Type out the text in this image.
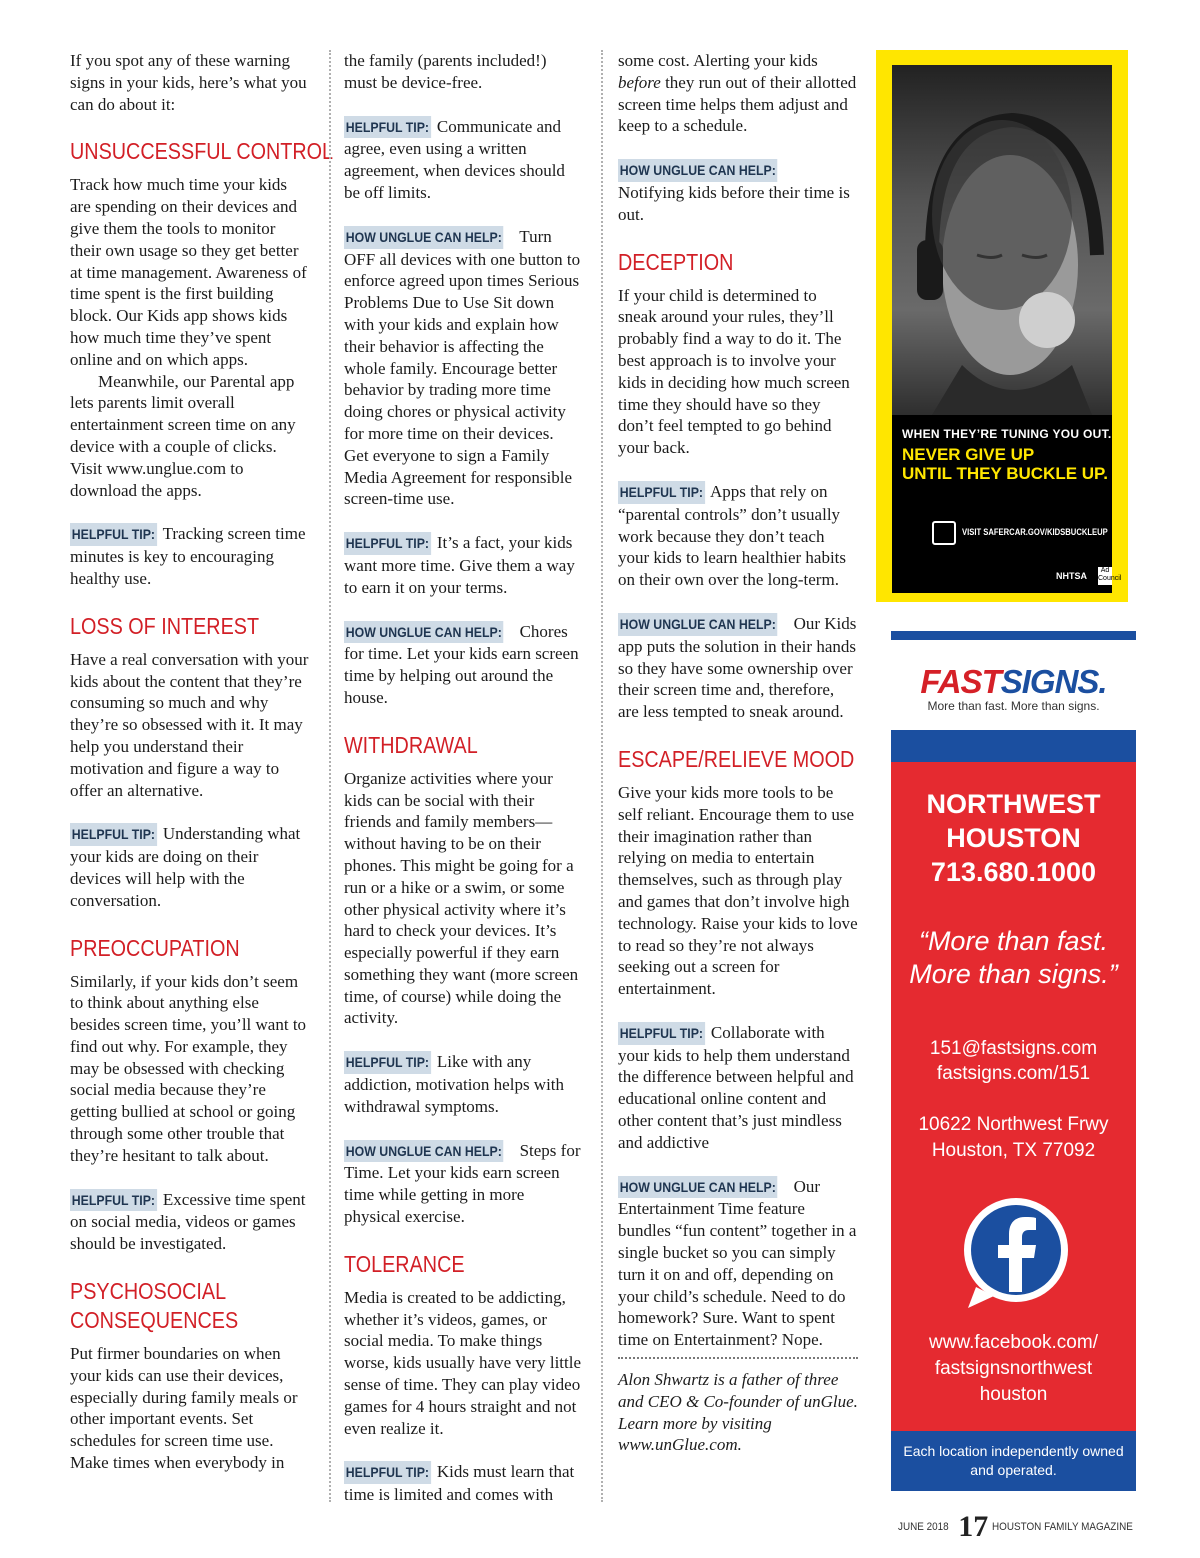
If you spot any of these warning signs in your kids, here’s what you can do about it:

UNSUCCESSFUL CONTROL

Track how much time your kids are spending on their devices and give them the tools to monitor their own usage so they get better at time management. Awareness of time spent is the first building block. Our Kids app shows kids how much time they’ve spent online and on which apps.

Meanwhile, our Parental app lets parents limit overall entertainment screen time on any device with a couple of clicks. Visit www.unglue.com to download the apps.

HELPFUL TIP: Tracking screen time minutes is key to encouraging healthy use.

LOSS OF INTEREST

Have a real conversation with your kids about the content that they’re consuming so much and why they’re so obsessed with it. It may help you understand their motivation and figure a way to offer an alternative.

HELPFUL TIP: Understanding what your kids are doing on their devices will help with the conversation.

PREOCCUPATION

Similarly, if your kids don’t seem to think about anything else besides screen time, you’ll want to find out why. For example, they may be obsessed with checking social media because they’re getting bullied at school or going through some other trouble that they’re hesitant to talk about.

HELPFUL TIP: Excessive time spent on social media, videos or games should be investigated.

PSYCHOSOCIAL CONSEQUENCES

Put firmer boundaries on when your kids can use their devices, especially during family meals or other important events. Set schedules for screen time use. Make times when everybody in

the family (parents included!) must be device-free.

HELPFUL TIP: Communicate and agree, even using a written agreement, when devices should be off limits.

HOW UNGLUE CAN HELP: Turn OFF all devices with one button to enforce agreed upon times Serious Problems Due to Use Sit down with your kids and explain how their behavior is affecting the whole family. Encourage better behavior by trading more time doing chores or physical activity for more time on their devices. Get everyone to sign a Family Media Agreement for responsible screen-time use.

HELPFUL TIP: It’s a fact, your kids want more time. Give them a way to earn it on your terms.

HOW UNGLUE CAN HELP: Chores for time. Let your kids earn screen time by helping out around the house.

WITHDRAWAL

Organize activities where your kids can be social with their friends and family members—without having to be on their phones. This might be going for a run or a hike or a swim, or some other physical activity where it’s hard to check your devices. It’s especially powerful if they earn something they want (more screen time, of course) while doing the activity.

HELPFUL TIP: Like with any addiction, motivation helps with withdrawal symptoms.

HOW UNGLUE CAN HELP: Steps for Time. Let your kids earn screen time while getting in more physical exercise.

TOLERANCE

Media is created to be addicting, whether it’s videos, games, or social media. To make things worse, kids usually have very little sense of time. They can play video games for 4 hours straight and not even realize it.

HELPFUL TIP: Kids must learn that time is limited and comes with

some cost. Alerting your kids before they run out of their allotted screen time helps them adjust and keep to a schedule.

HOW UNGLUE CAN HELP: Notifying kids before their time is out.

DECEPTION

If your child is determined to sneak around your rules, they’ll probably find a way to do it. The best approach is to involve your kids in deciding how much screen time they should have so they don’t feel tempted to go behind your back.

HELPFUL TIP: Apps that rely on “parental controls” don’t usually work because they don’t teach your kids to learn healthier habits on their own over the long-term.

HOW UNGLUE CAN HELP: Our Kids app puts the solution in their hands so they have some ownership over their screen time and, therefore, are less tempted to sneak around.

ESCAPE/RELIEVE MOOD

Give your kids more tools to be self reliant. Encourage them to use their imagination rather than relying on media to entertain themselves, such as through play and games that don’t involve high technology. Raise your kids to love to read so they’re not always seeking out a screen for entertainment.

HELPFUL TIP: Collaborate with your kids to help them understand the difference between helpful and educational online content and other content that’s just mindless and addictive

HOW UNGLUE CAN HELP: Our Entertainment Time feature bundles “fun content” together in a single bucket so you can simply turn it on and off, depending on your child’s schedule. Need to do homework? Sure. Want to spent time on Entertainment? Nope.

Alon Shwartz is a father of three and CEO & Co-founder of unGlue. Learn more by visiting www.unGlue.com.

WHEN THEY’RE TUNING YOU OUT.
NEVER GIVE UP
UNTIL THEY BUCKLE UP.
VISIT SAFERCAR.GOV/KIDSBUCKLEUP
NHTSA
Ad Council
FASTSIGNS.
More than fast. More than signs.
NORTHWEST
HOUSTON
713.680.1000
“More than fast.
More than signs.”
151@fastsigns.com
fastsigns.com/151
10622 Northwest Frwy
Houston, TX 77092
www.facebook.com/
fastsignsnorthwest
houston
Each location independently owned and operated.
JUNE 2018 17 HOUSTON FAMILY MAGAZINE
